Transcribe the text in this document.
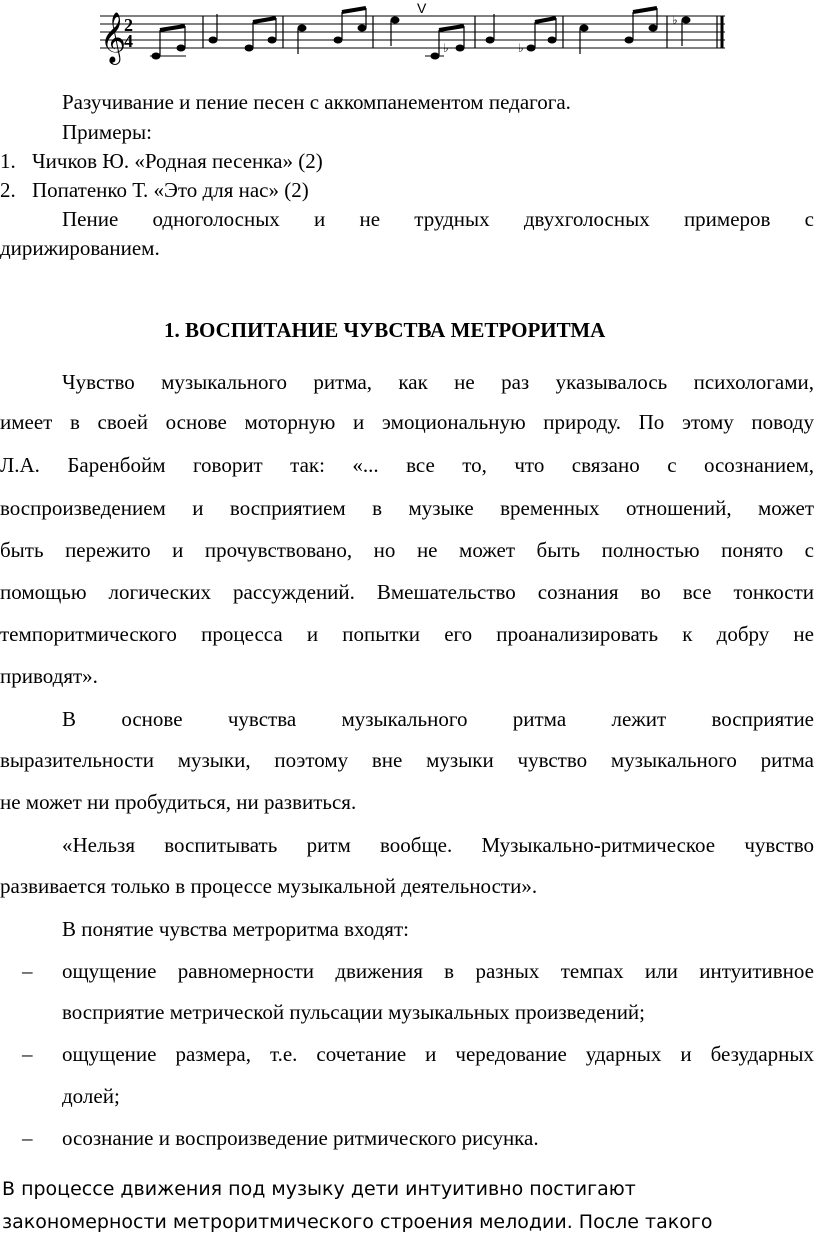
𝄞
2
4
V
♭	♭
♭
Разучивание и пение песен с аккомпанементом педагога.
Примеры:
1. Чичков Ю. «Родная песенка» (2)
2. Попатенко Т. «Это для нас» (2)
Пение одноголосных и не трудных двухголосных примеров с
дирижированием.
1. ВОСПИТАНИЕ ЧУВСТВА МЕТРОРИТМА
Чувство музыкального ритма, как не раз указывалось психологами,
имеет в своей основе моторную и эмоциональную природу. По этому поводу
Л.А. Баренбойм говорит так: «... все то, что связано с осознанием,
воспроизведением и восприятием в музыке временных отношений, может
быть пережито и прочувствовано, но не может быть полностью понято с
помощью логических рассуждений. Вмешательство сознания во все тонкости
темпоритмического процесса и попытки его проанализировать к добру не
приводят».
В основе чувства музыкального ритма лежит восприятие
выразительности музыки, поэтому вне музыки чувство музыкального ритма
не может ни пробудиться, ни развиться.
«Нельзя воспитывать ритм вообще. Музыкально-ритмическое чувство
развивается только в процессе музыкальной деятельности».
В понятие чувства метроритма входят:
– ощущение равномерности движения в разных темпах или интуитивное
восприятие метрической пульсации музыкальных произведений;
– ощущение размера, т.е. сочетание и чередование ударных и безударных
долей;
– осознание и воспроизведение ритмического рисунка.
В процессе движения под музыку дети интуитивно постигают
закономерности метроритмического строения мелодии. После такого
